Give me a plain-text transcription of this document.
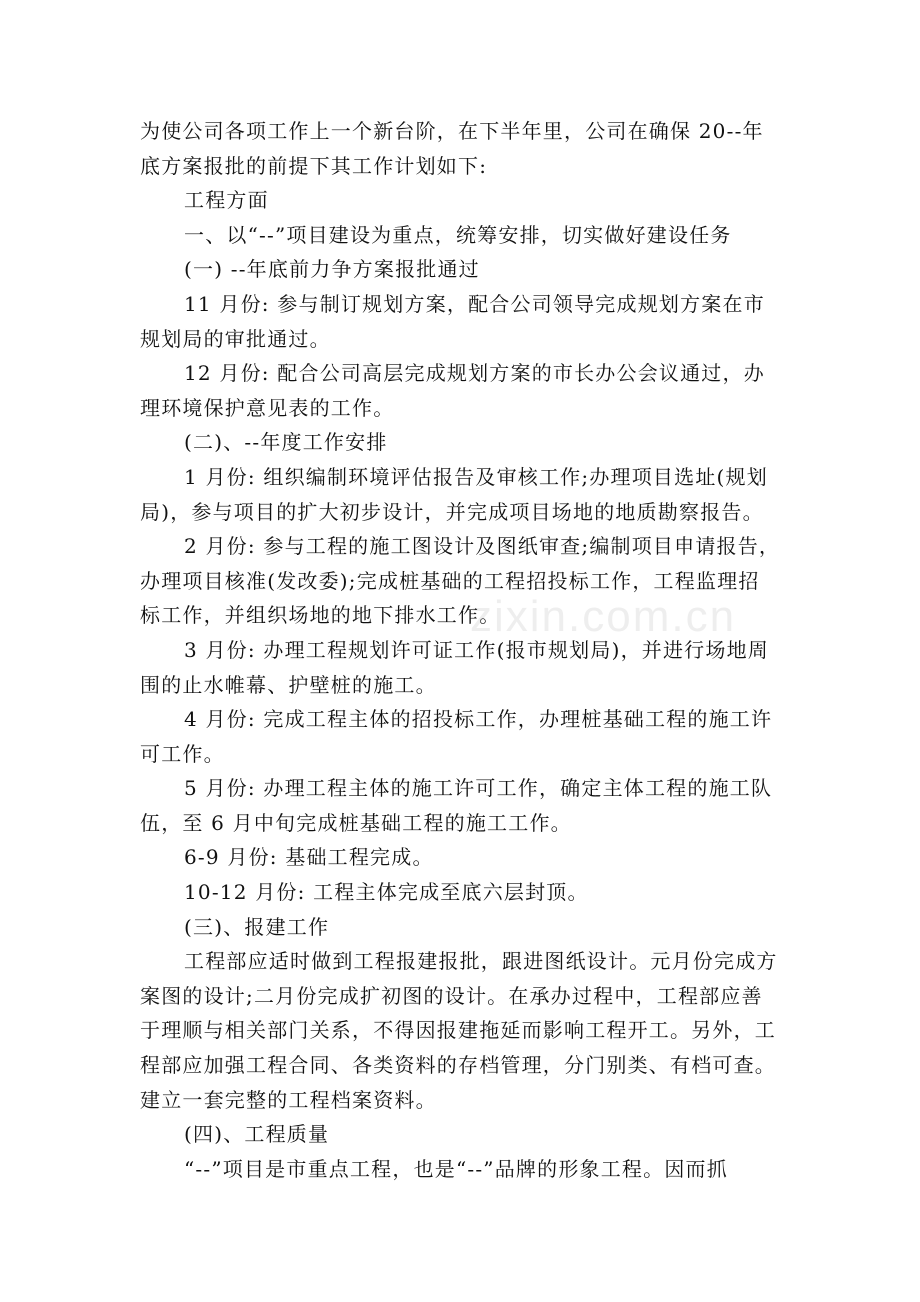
为使公司各项工作上一个新台阶，在下半年里，公司在确保 20--年
底方案报批的前提下其工作计划如下:
工程方面
一、以“--”项目建设为重点，统筹安排，切实做好建设任务
(一) --年底前力争方案报批通过
11 月份: 参与制订规划方案，配合公司领导完成规划方案在市
规划局的审批通过。
12 月份: 配合公司高层完成规划方案的市长办公会议通过，办
理环境保护意见表的工作。
(二)、--年度工作安排
1 月份: 组织编制环境评估报告及审核工作;办理项目选址(规划
局)，参与项目的扩大初步设计，并完成项目场地的地质勘察报告。
2 月份: 参与工程的施工图设计及图纸审查;编制项目申请报告，
办理项目核准(发改委);完成桩基础的工程招投标工作，工程监理招
标工作，并组织场地的地下排水工作。
3 月份: 办理工程规划许可证工作(报市规划局)，并进行场地周
围的止水帷幕、护壁桩的施工。
4 月份: 完成工程主体的招投标工作，办理桩基础工程的施工许
可工作。
5 月份: 办理工程主体的施工许可工作，确定主体工程的施工队
伍，至 6 月中旬完成桩基础工程的施工工作。
6-9 月份: 基础工程完成。
10-12 月份: 工程主体完成至底六层封顶。
(三)、报建工作
工程部应适时做到工程报建报批，跟进图纸设计。元月份完成方
案图的设计;二月份完成扩初图的设计。在承办过程中，工程部应善
于理顺与相关部门关系，不得因报建拖延而影响工程开工。另外，工
程部应加强工程合同、各类资料的存档管理，分门别类、有档可查。
建立一套完整的工程档案资料。
(四)、工程质量
“--”项目是市重点工程，也是“--”品牌的形象工程。因而抓
zixin.com.cn
